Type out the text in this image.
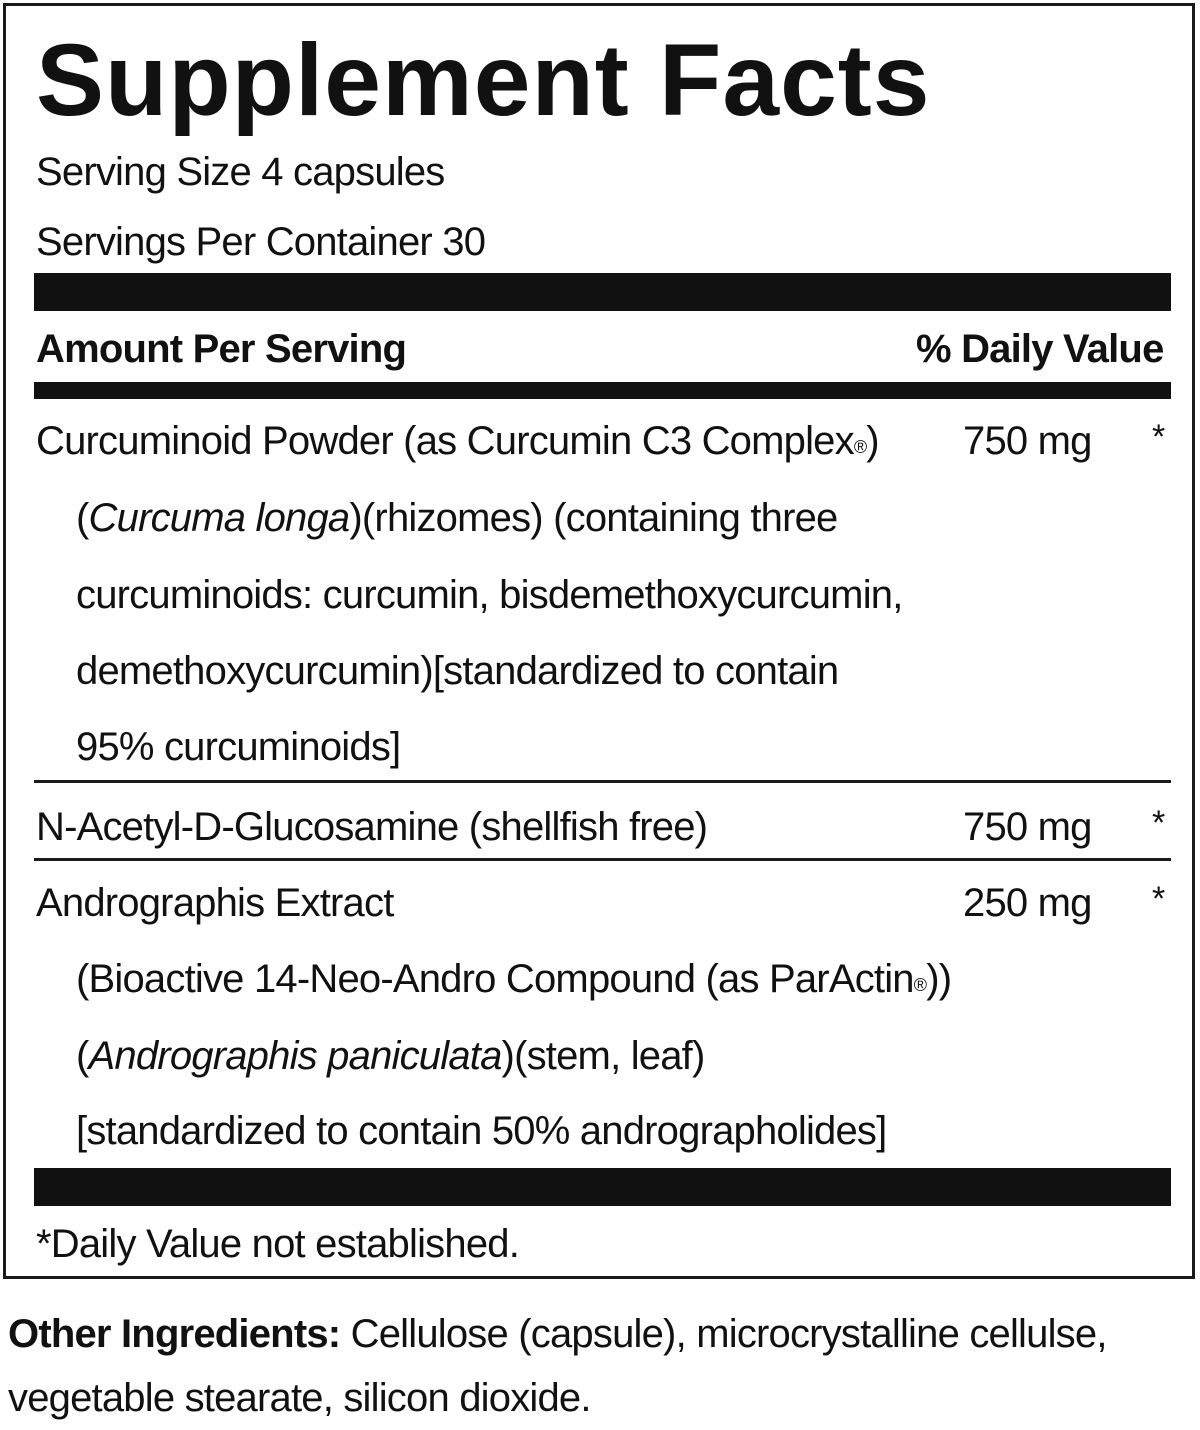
Supplement Facts
Serving Size 4 capsules
Servings Per Container 30
Amount Per Serving	% Daily Value
Curcuminoid Powder (as Curcumin C3 Complex®) 750 mg *
(Curcuma longa)(rhizomes) (containing three
curcuminoids: curcumin, bisdemethoxycurcumin,
demethoxycurcumin)[standardized to contain
95% curcuminoids]
N-Acetyl-D-Glucosamine (shellfish free)	750 mg *
Andrographis Extract	250 mg *
(Bioactive 14-Neo-Andro Compound (as ParActin®))
(Andrographis paniculata)(stem, leaf)
[standardized to contain 50% andrographolides]
*Daily Value not established.
Other Ingredients: Cellulose (capsule), microcrystalline cellulse, vegetable stearate, silicon dioxide.
